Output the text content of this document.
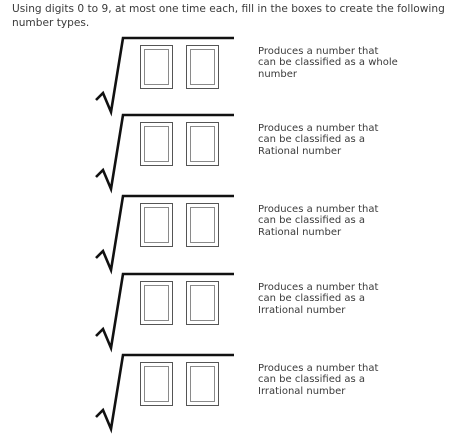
Using digits 0 to 9, at most one time each, fill in the boxes to create the following number types.
Produces a number that
can be classified as a whole
number
Produces a number that
can be classified as a
Rational number
Produces a number that
can be classified as a
Rational number
Produces a number that
can be classified as a
Irrational number
Produces a number that
can be classified as a
Irrational number
